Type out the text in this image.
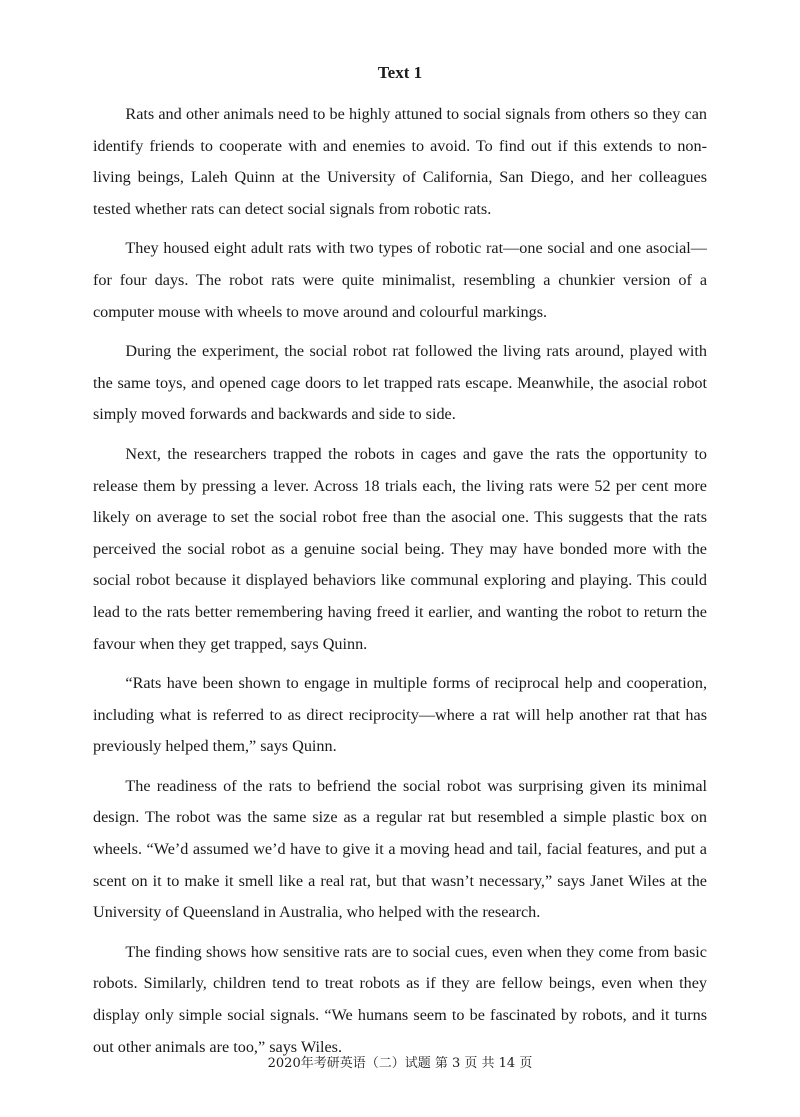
Text 1

Rats and other animals need to be highly attuned to social signals from others so they can identify friends to cooperate with and enemies to avoid. To find out if this extends to non-living beings, Laleh Quinn at the University of California, San Diego, and her colleagues tested whether rats can detect social signals from robotic rats.

They housed eight adult rats with two types of robotic rat—one social and one asocial—for four days. The robot rats were quite minimalist, resembling a chunkier version of a computer mouse with wheels to move around and colourful markings.

During the experiment, the social robot rat followed the living rats around, played with the same toys, and opened cage doors to let trapped rats escape. Meanwhile, the asocial robot simply moved forwards and backwards and side to side.

Next, the researchers trapped the robots in cages and gave the rats the opportunity to release them by pressing a lever. Across 18 trials each, the living rats were 52 per cent more likely on average to set the social robot free than the asocial one. This suggests that the rats perceived the social robot as a genuine social being. They may have bonded more with the social robot because it displayed behaviors like communal exploring and playing. This could lead to the rats better remembering having freed it earlier, and wanting the robot to return the favour when they get trapped, says Quinn.

“Rats have been shown to engage in multiple forms of reciprocal help and cooperation, including what is referred to as direct reciprocity—where a rat will help another rat that has previously helped them,” says Quinn.

The readiness of the rats to befriend the social robot was surprising given its minimal design. The robot was the same size as a regular rat but resembled a simple plastic box on wheels. “We’d assumed we’d have to give it a moving head and tail, facial features, and put a scent on it to make it smell like a real rat, but that wasn’t necessary,” says Janet Wiles at the University of Queensland in Australia, who helped with the research.

The finding shows how sensitive rats are to social cues, even when they come from basic robots. Similarly, children tend to treat robots as if they are fellow beings, even when they display only simple social signals. “We humans seem to be fascinated by robots, and it turns out other animals are too,” says Wiles.

2020年考研英语（二）试题 第 3 页 共 14 页
